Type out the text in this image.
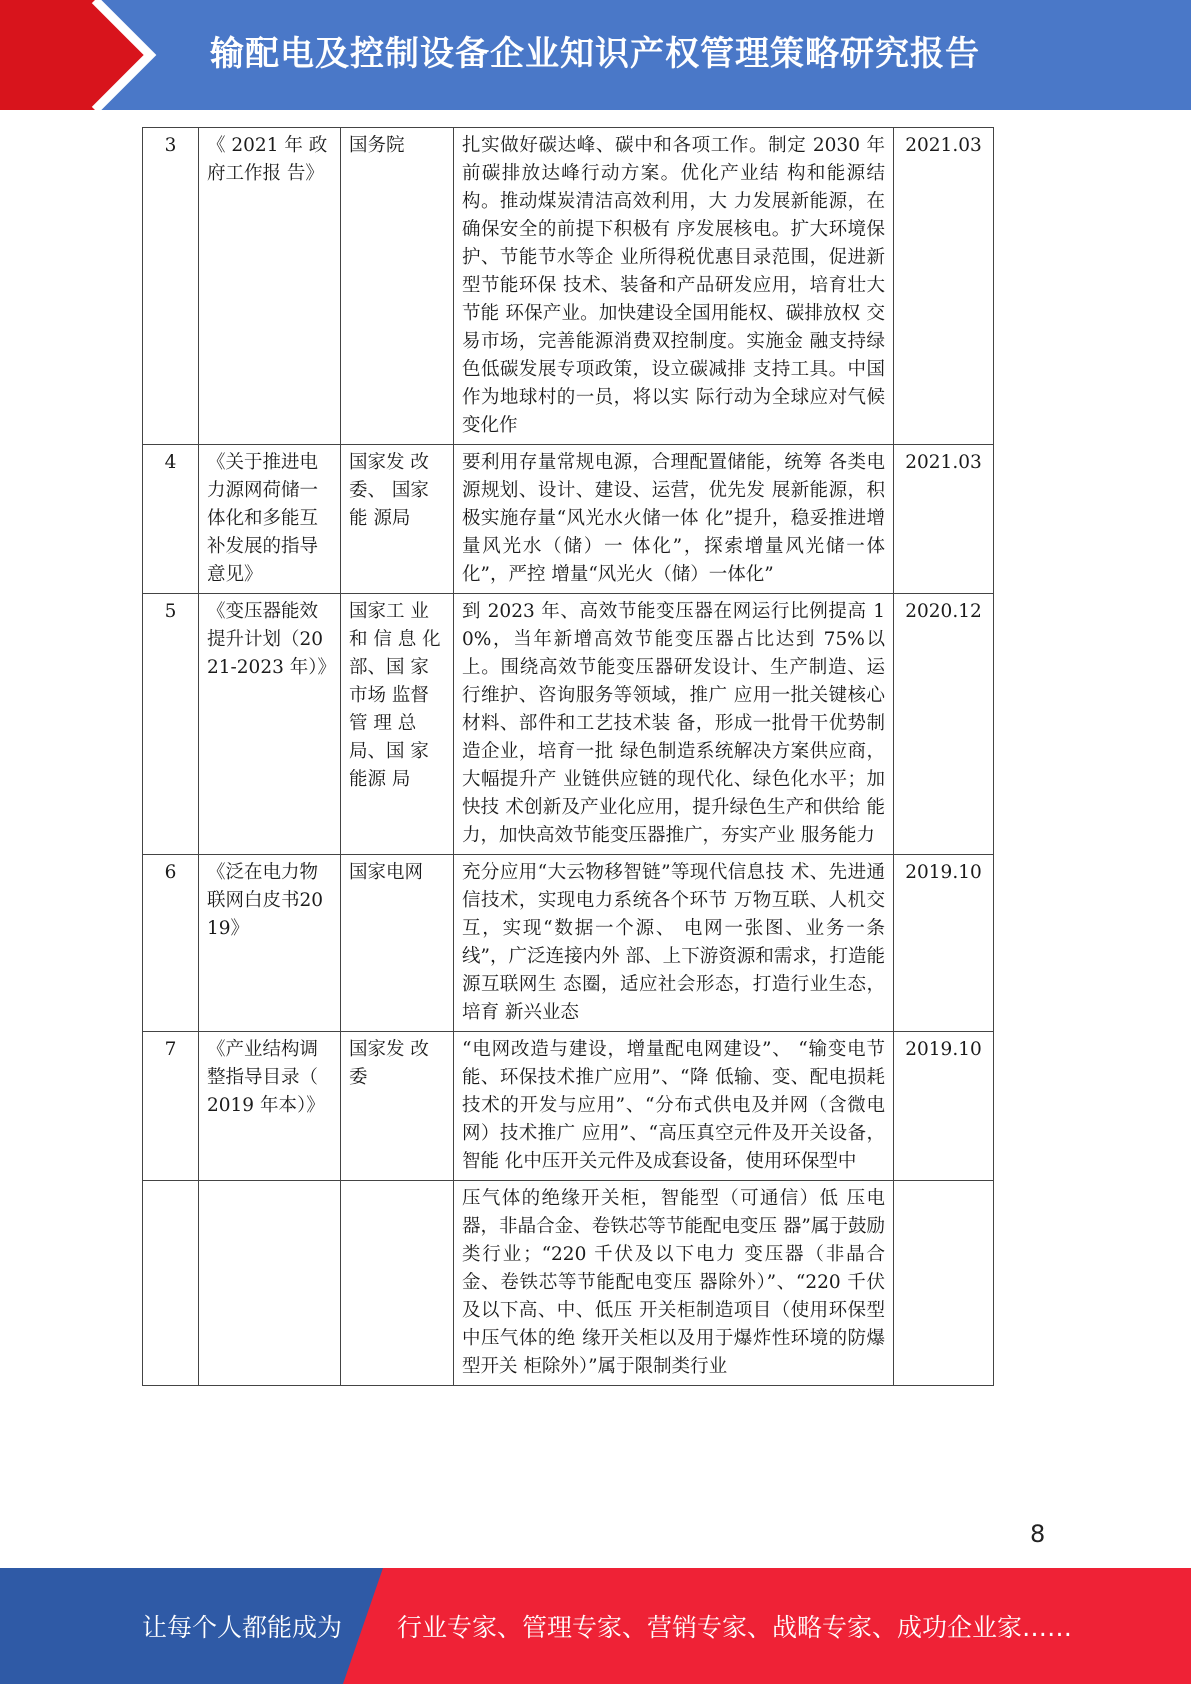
输配电及控制设备企业知识产权管理策略研究报告
3	《 2021 年 政 府工作报 告》	国务院	扎实做好碳达峰、碳中和各项工作。制定 2030 年前碳排放达峰行动方案。优化产业结 构和能源结构。推动煤炭清洁高效利用，大 力发展新能源，在确保安全的前提下积极有 序发展核电。扩大环境保护、节能节水等企 业所得税优惠目录范围，促进新型节能环保 技术、装备和产品研发应用，培育壮大节能 环保产业。加快建设全国用能权、碳排放权 交易市场，完善能源消费双控制度。实施金 融支持绿色低碳发展专项政策，设立碳减排 支持工具。中国作为地球村的一员，将以实 际行动为全球应对气候变化作	2021.03
4	《关于推进电力源网荷储一体化和多能互补发展的指导意见》	国家发 改委、 国家能 源局	要利用存量常规电源，合理配置储能，统筹 各类电源规划、设计、建设、运营，优先发 展新能源，积极实施存量“风光水火储一体 化”提升，稳妥推进增量风光水（储）一 体化”，探索增量风光储一体化”，严控 增量“风光火（储）一体化”	2021.03
5	《变压器能效提升计划（2021-2023 年）》	国家工 业和 信 息 化 部、国 家市场 监督管 理 总局、国 家能源 局	到 2023 年、高效节能变压器在网运行比例提高 10%，当年新增高效节能变压器占比达到 75%以上。围绕高效节能变压器研发设计、生产制造、运行维护、咨询服务等领域，推广 应用一批关键核心材料、部件和工艺技术装 备，形成一批骨干优势制造企业，培育一批 绿色制造系统解决方案供应商，大幅提升产 业链供应链的现代化、绿色化水平；加快技 术创新及产业化应用，提升绿色生产和供给 能力，加快高效节能变压器推广，夯实产业 服务能力	2020.12
6	《泛在电力物联网白皮书2019》	国家电网	充分应用“大云物移智链”等现代信息技 术、先进通信技术，实现电力系统各个环节 万物互联、人机交互，实现“数据一个源、 电网一张图、业务一条线”，广泛连接内外 部、上下游资源和需求，打造能源互联网生 态圈，适应社会形态，打造行业生态，培育 新兴业态	2019.10
7	《产业结构调整指导目录（ 2019 年本）》	国家发 改委	“电网改造与建设，增量配电网建设”、 “输变电节能、环保技术推广应用”、“降 低输、变、配电损耗技术的开发与应用”、“分布式供电及并网（含微电网）技术推广 应用”、“高压真空元件及开关设备，智能 化中压开关元件及成套设备，使用环保型中	2019.10
			压气体的绝缘开关柜，智能型（可通信）低 压电器，非晶合金、卷铁芯等节能配电变压 器”属于鼓励类行业；“220 千伏及以下电力 变压器（非晶合金、卷铁芯等节能配电变压 器除外）”、“220 千伏及以下高、中、低压 开关柜制造项目（使用环保型中压气体的绝 缘开关柜以及用于爆炸性环境的防爆型开关 柜除外）”属于限制类行业	
8
让每个人都能成为 行业专家、管理专家、营销专家、战略专家、成功企业家……
